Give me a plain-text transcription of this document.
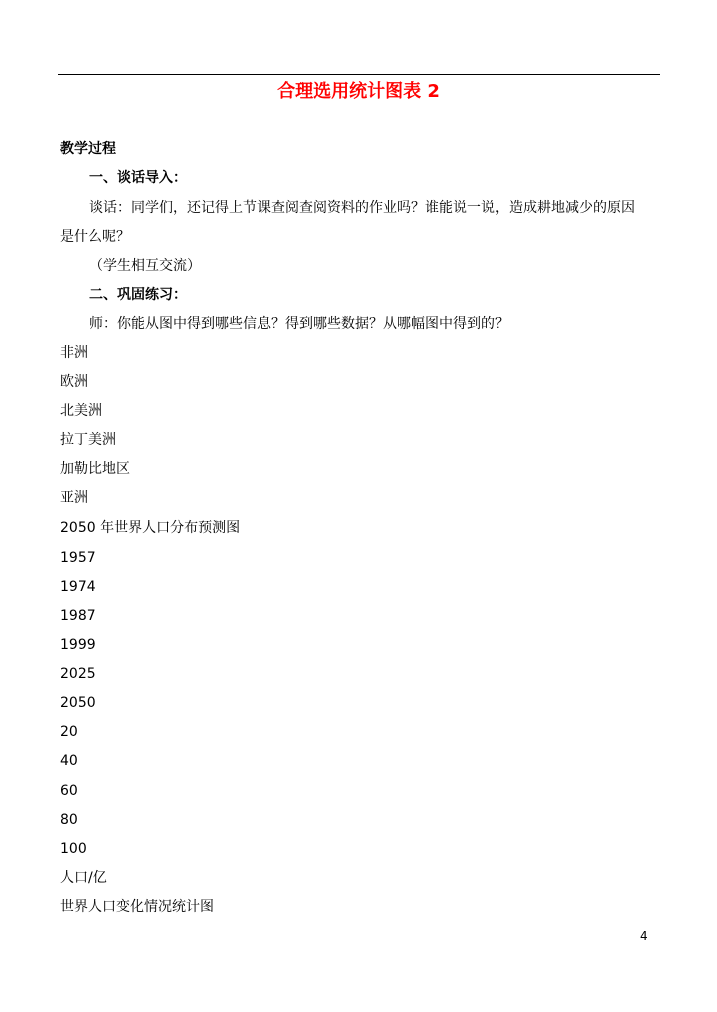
合理选用统计图表 2
教学过程
一、谈话导入：
谈话：同学们，还记得上节课查阅查阅资料的作业吗？谁能说一说，造成耕地减少的原因
是什么呢？
（学生相互交流）
二、巩固练习：
师：你能从图中得到哪些信息？得到哪些数据？从哪幅图中得到的？
非洲
欧洲
北美洲
拉丁美洲
加勒比地区
亚洲
2050 年世界人口分布预测图
1957
1974
1987
1999
2025
2050
20
40
60
80
100
人口/亿
世界人口变化情况统计图
4
